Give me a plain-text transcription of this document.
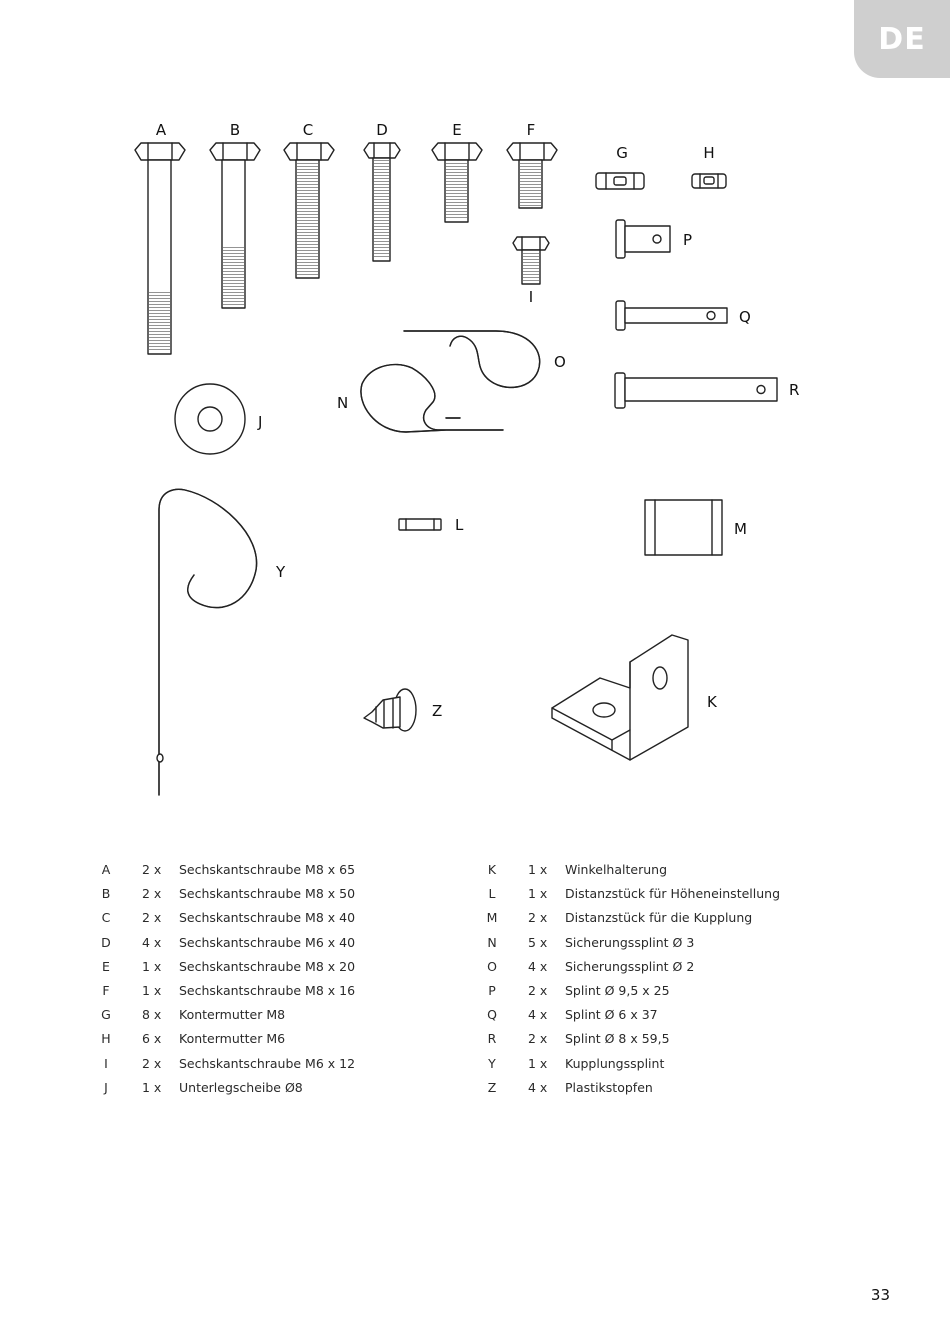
DE
A	B	C	D	E	F
G	H
I
P
Q
R
J
N
O
L	M
Y
Z	K
A	2 x Sechskantschraube M8 x 65
B	2 x Sechskantschraube M8 x 50
C	2 x Sechskantschraube M8 x 40
D	4 x Sechskantschraube M6 x 40
E	1 x Sechskantschraube M8 x 20
F	1 x Sechskantschraube M8 x 16
G	8 x Kontermutter M8
H	6 x Kontermutter M6
I	2 x Sechskantschraube M6 x 12
J	1 x Unterlegscheibe Ø8
K	1 x Winkelhalterung
L	1 x Distanzstück für Höheneinstellung
M	2 x Distanzstück für die Kupplung
N	5 x Sicherungssplint Ø 3
O	4 x Sicherungssplint Ø 2
P	2 x Splint Ø 9,5 x 25
Q	4 x Splint Ø 6 x 37
R	2 x Splint Ø 8 x 59,5
Y	1 x Kupplungssplint
Z	4 x Plastikstopfen
33
